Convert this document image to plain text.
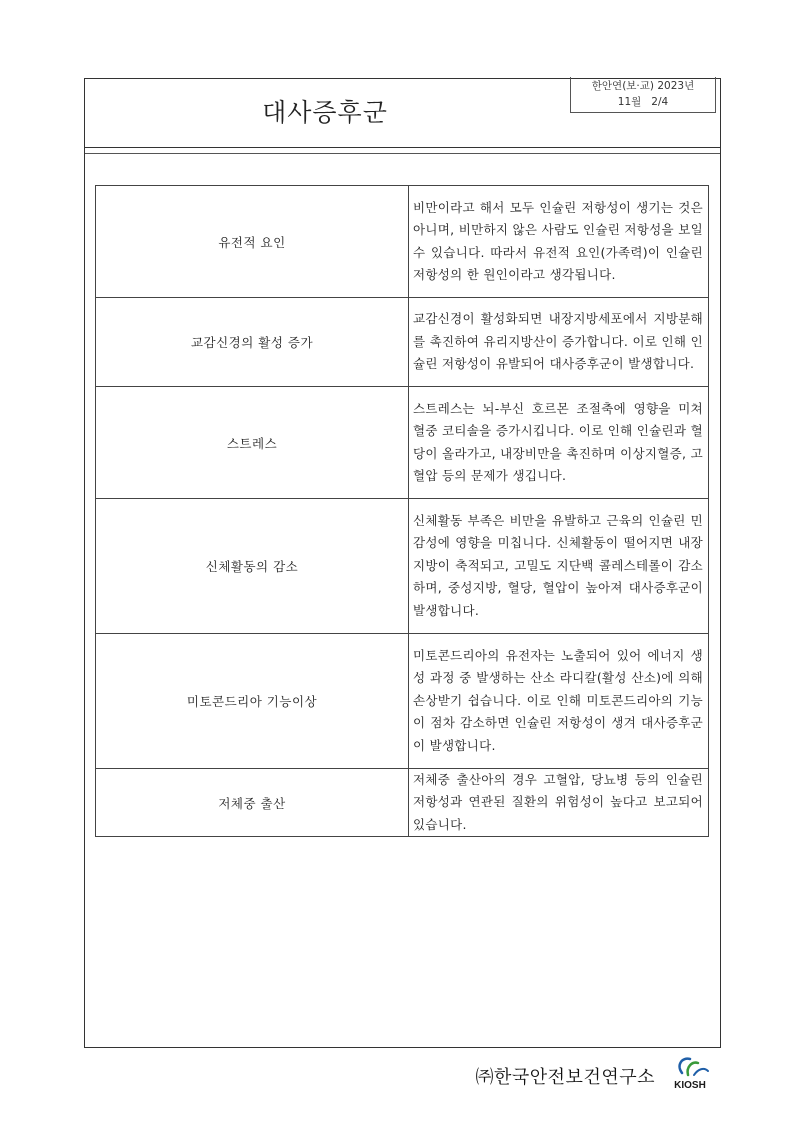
대사증후군
한안연(보·교) 2023년
11월   2/4
유전적 요인	비만이라고 해서 모두 인슐린 저항성이 생기는 것은 아니며, 비만하지 않은 사람도 인슐린 저항성을 보일 수 있습니다. 따라서 유전적 요인(가족력)이 인슐린 저항성의 한 원인이라고 생각됩니다.
교감신경의 활성 증가	교감신경이 활성화되면 내장지방세포에서 지방분해를 촉진하여 유리지방산이 증가합니다. 이로 인해 인슐린 저항성이 유발되어 대사증후군이 발생합니다.
스트레스	스트레스는 뇌-부신 호르몬 조절축에 영향을 미쳐 혈중 코티솔을 증가시킵니다. 이로 인해 인슐린과 혈당이 올라가고, 내장비만을 촉진하며 이상지혈증, 고혈압 등의 문제가 생깁니다.
신체활동의 감소	신체활동 부족은 비만을 유발하고 근육의 인슐린 민감성에 영향을 미칩니다. 신체활동이 떨어지면 내장지방이 축적되고, 고밀도 지단백 콜레스테롤이 감소하며, 중성지방, 혈당, 혈압이 높아져 대사증후군이 발생합니다.
미토콘드리아 기능이상	미토콘드리아의 유전자는 노출되어 있어 에너지 생성 과정 중 발생하는 산소 라디칼(활성 산소)에 의해 손상받기 쉽습니다. 이로 인해 미토콘드리아의 기능이 점차 감소하면 인슐린 저항성이 생겨 대사증후군이 발생합니다.
저체중 출산	저체중 출산아의 경우 고혈압, 당뇨병 등의 인슐린 저항성과 연관된 질환의 위험성이 높다고 보고되어 있습니다.
㈜한국안전보건연구소 KIOSH
